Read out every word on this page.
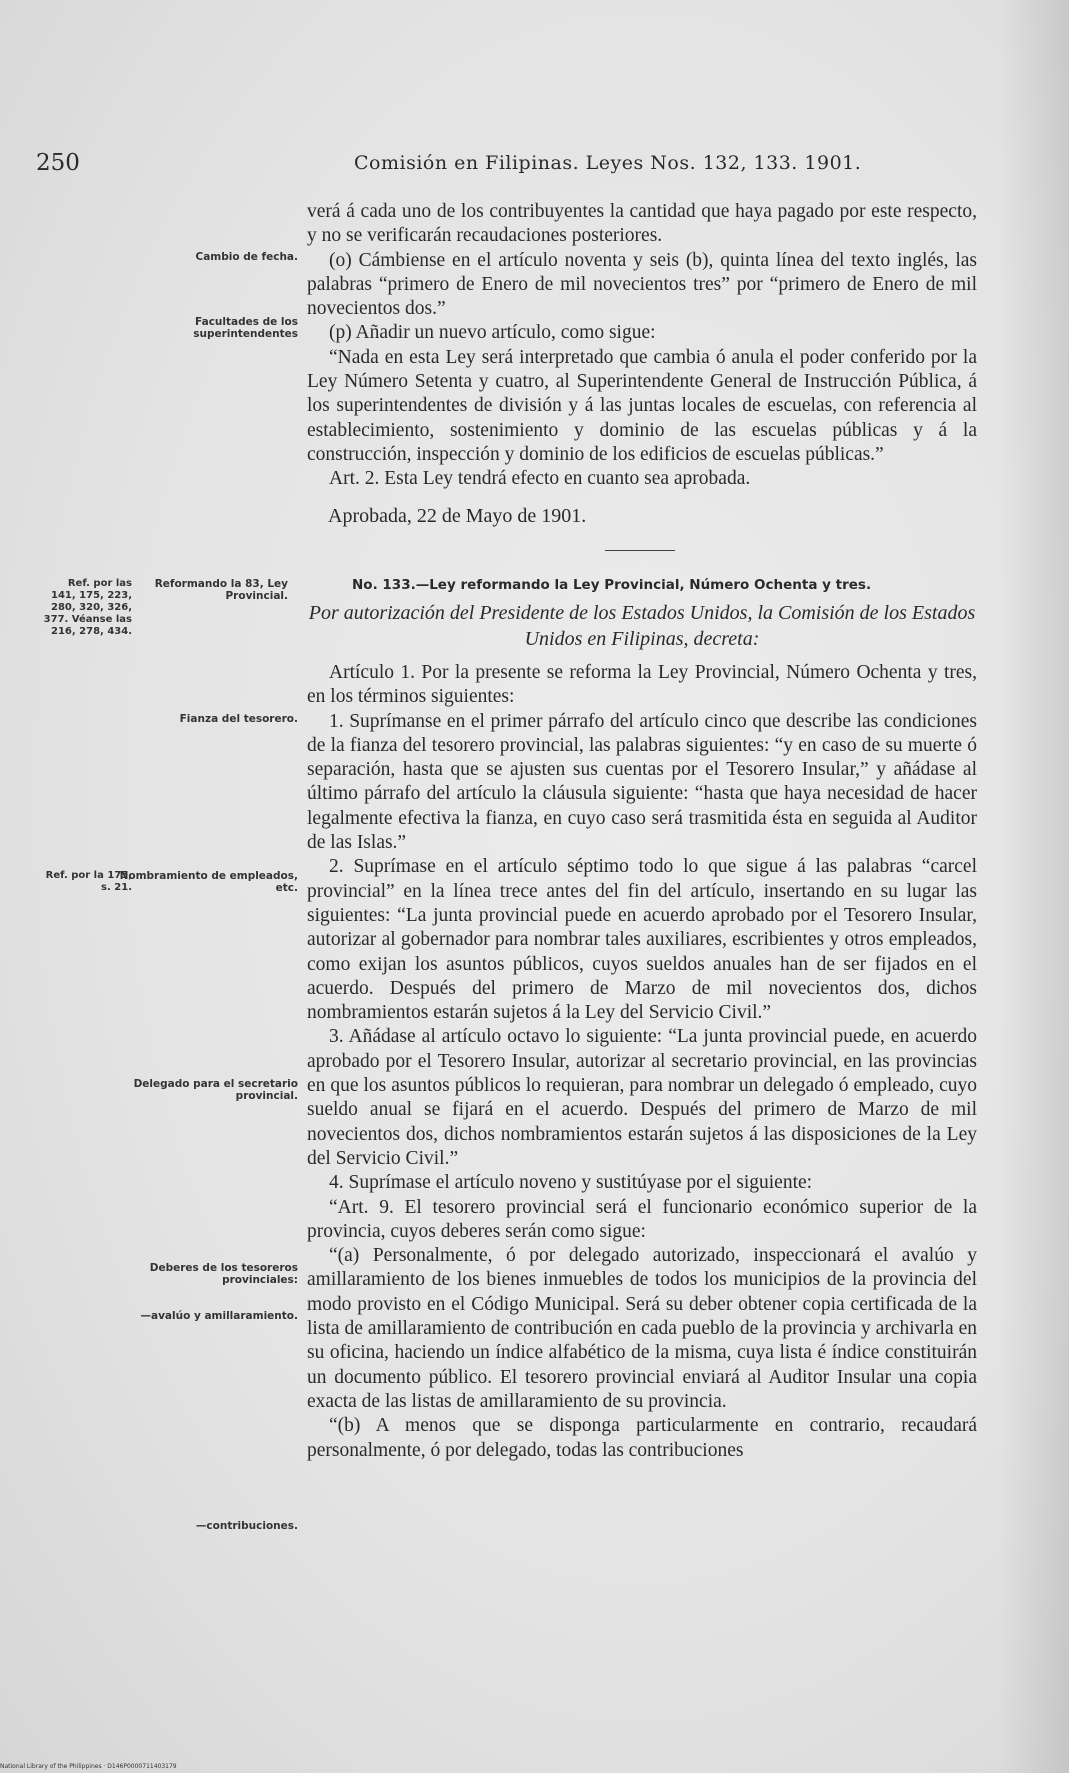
250	Comisión en Filipinas. Leyes Nos. 132, 133. 1901.
Cambio de fecha.
Facultades de los superintendentes
Ref. por las 141, 175, 223, 280, 320, 326, 377. Véanse las 216, 278, 434.
Reformando la 83, Ley Provincial.
Fianza del tesorero.
Ref. por la 175, s. 21.
Nombramiento de empleados, etc.
Delegado para el secretario provincial.
Deberes de los tesoreros provinciales:
—avalúo y amillaramiento.
—contribuciones.

verá á cada uno de los contribuyentes la cantidad que haya pagado por este respecto, y no se verificarán recaudaciones posteriores.

(o) Cámbiense en el artículo noventa y seis (b), quinta línea del texto inglés, las palabras “primero de Enero de mil novecientos tres” por “primero de Enero de mil novecientos dos.”

(p) Añadir un nuevo artículo, como sigue:

“Nada en esta Ley será interpretado que cambia ó anula el poder conferido por la Ley Número Setenta y cuatro, al Superintendente General de Instrucción Pública, á los superintendentes de división y á las juntas locales de escuelas, con referencia al establecimiento, sostenimiento y dominio de las escuelas públicas y á la construcción, inspección y dominio de los edificios de escuelas públicas.”

Art. 2. Esta Ley tendrá efecto en cuanto sea aprobada.

Aprobada, 22 de Mayo de 1901.
No. 133.—Ley reformando la Ley Provincial, Número Ochenta y tres.
Por autorización del Presidente de los Estados Unidos, la Comisión de los Estados Unidos en Filipinas, decreta:

Artículo 1. Por la presente se reforma la Ley Provincial, Número Ochenta y tres, en los términos siguientes:

1. Suprímanse en el primer párrafo del artículo cinco que describe las condiciones de la fianza del tesorero provincial, las palabras siguientes: “y en caso de su muerte ó separación, hasta que se ajusten sus cuentas por el Tesorero Insular,” y añádase al último párrafo del artículo la cláusula siguiente: “hasta que haya necesidad de hacer legalmente efectiva la fianza, en cuyo caso será trasmitida ésta en seguida al Auditor de las Islas.”

2. Suprímase en el artículo séptimo todo lo que sigue á las palabras “carcel provincial” en la línea trece antes del fin del artículo, insertando en su lugar las siguientes: “La junta provincial puede en acuerdo aprobado por el Tesorero Insular, autorizar al gobernador para nombrar tales auxiliares, escribientes y otros empleados, como exijan los asuntos públicos, cuyos sueldos anuales han de ser fijados en el acuerdo. Después del primero de Marzo de mil novecientos dos, dichos nombramientos estarán sujetos á la Ley del Servicio Civil.”

3. Añádase al artículo octavo lo siguiente: “La junta provincial puede, en acuerdo aprobado por el Tesorero Insular, autorizar al secretario provincial, en las provincias en que los asuntos públicos lo requieran, para nombrar un delegado ó empleado, cuyo sueldo anual se fijará en el acuerdo. Después del primero de Marzo de mil novecientos dos, dichos nombramientos estarán sujetos á las disposiciones de la Ley del Servicio Civil.”

4. Suprímase el artículo noveno y sustitúyase por el siguiente:

“Art. 9. El tesorero provincial será el funcionario económico superior de la provincia, cuyos deberes serán como sigue:

“(a) Personalmente, ó por delegado autorizado, inspeccionará el avalúo y amillaramiento de los bienes inmuebles de todos los municipios de la provincia del modo provisto en el Código Municipal. Será su deber obtener copia certificada de la lista de amillaramiento de contribución en cada pueblo de la provincia y archivarla en su oficina, haciendo un índice alfabético de la misma, cuya lista é índice constituirán un documento público. El tesorero provincial enviará al Auditor Insular una copia exacta de las listas de amillaramiento de su provincia.

“(b) A menos que se disponga particularmente en contrario, recaudará personalmente, ó por delegado, todas las contribuciones

National Library of the Philippines · D146P0000711403179
